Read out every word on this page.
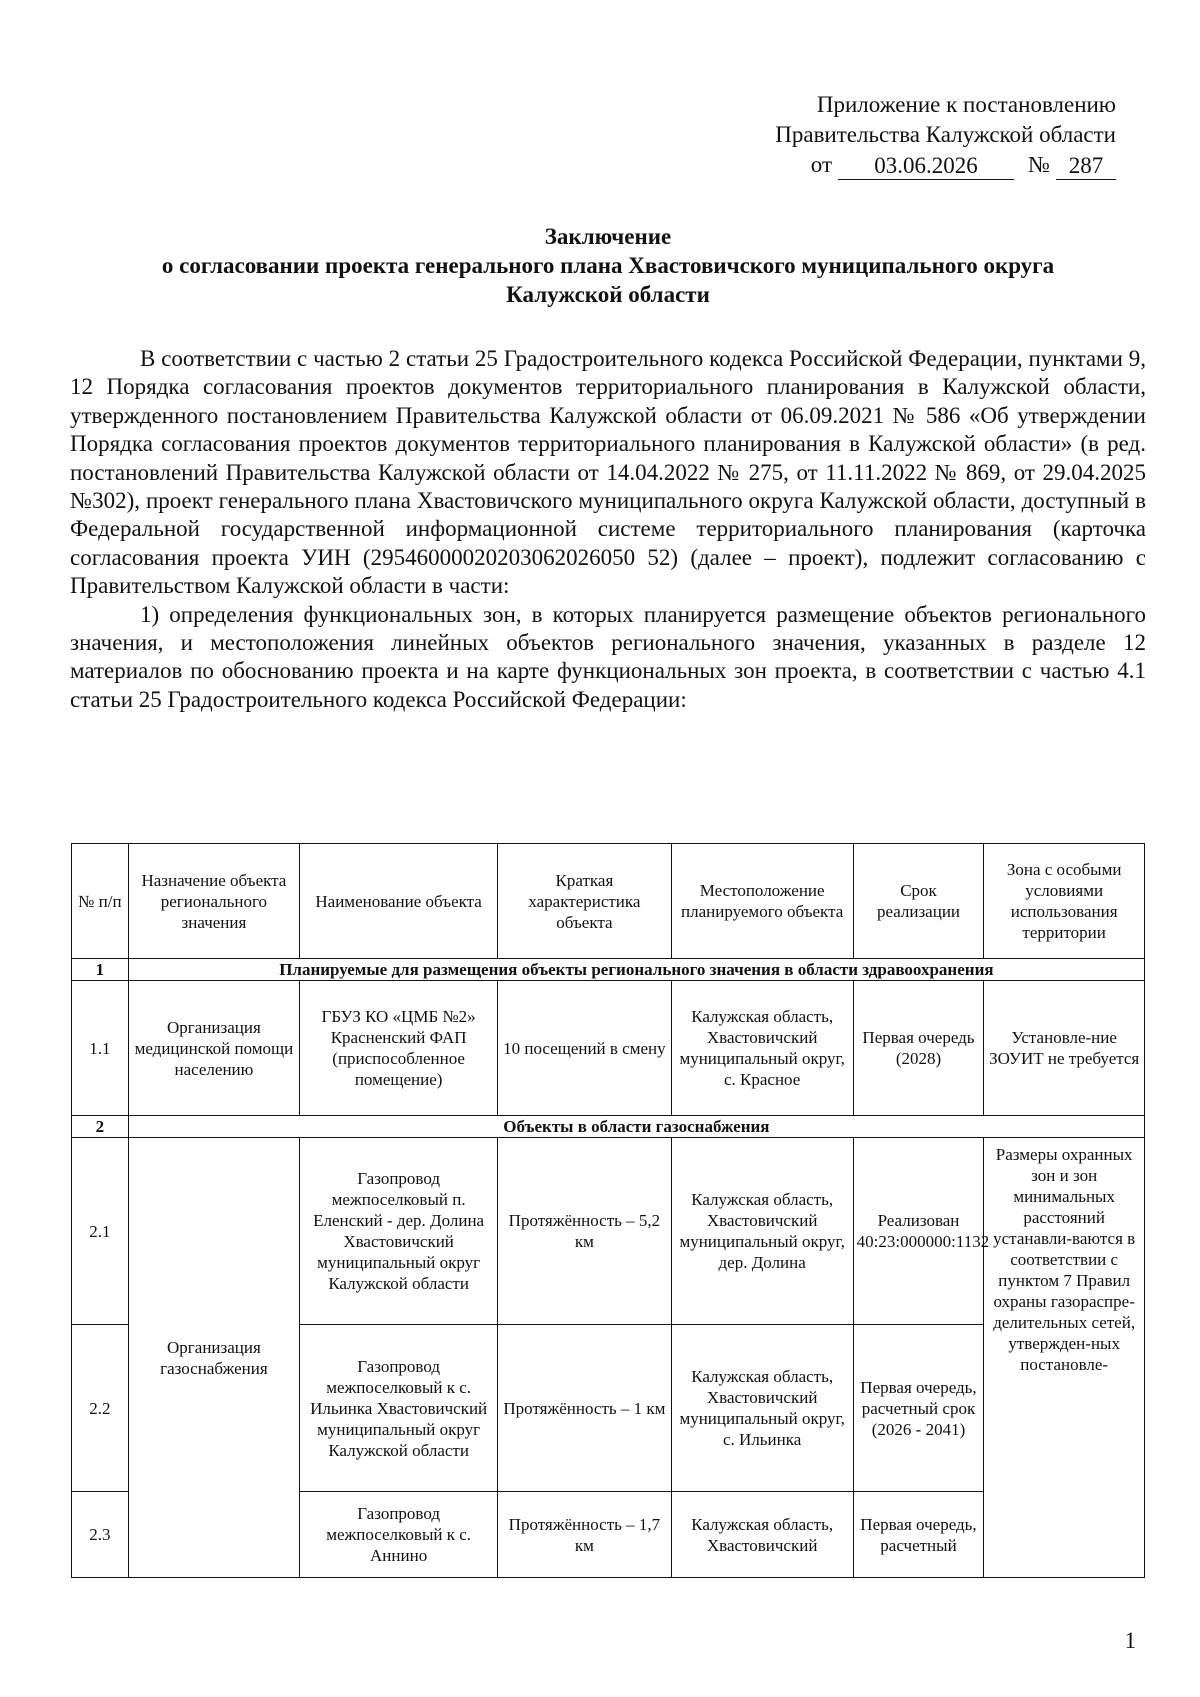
Приложение к постановлению
Правительства Калужской области
от	03.06.2026	№ 287
Заключение
о согласовании проекта генерального плана Хвастовичского муниципального округа
Калужской области

В соответствии с частью 2 статьи 25 Градостроительного кодекса Российской Федерации, пунктами 9, 12 Порядка согласования проектов документов территориального планирования в Калужской области, утвержденного постановлением Правительства Калужской области от 06.09.2021 № 586 «Об утверждении Порядка согласования проектов документов территориального планирования в Калужской области» (в ред. постановлений Правительства Калужской области от 14.04.2022 № 275, от 11.11.2022 № 869, от 29.04.2025 №302), проект генерального плана Хвастовичского муниципального округа Калужской области, доступный в Федеральной государственной информационной системе территориального планирования (карточка согласования проекта УИН (29546000020203062026050 52) (далее – проект), подлежит согласованию с Правительством Калужской области в части:

1) определения функциональных зон, в которых планируется размещение объектов регионального значения, и местоположения линейных объектов регионального значения, указанных в разделе 12 материалов по обоснованию проекта и на карте функциональных зон проекта, в соответствии с частью 4.1 статьи 25 Градостроительного кодекса Российской Федерации:

№ п/п	Назначение объекта регионального значения	Наименование объекта	Краткая характеристика объекта	Местоположение планируемого объекта	Срок реализации	Зона с особыми условиями использования территории
1	Планируемые для размещения объекты регионального значения в области здравоохранения					
1.1	Организация медицинской помощи населению	ГБУЗ КО «ЦМБ №2» Красненский ФАП (приспособленное помещение)	10 посещений в смену	Калужская область, Хвастовичский муниципальный округ, с. Красное	Первая очередь (2028)	Установле-ние ЗОУИТ не требуется
2	Объекты в области газоснабжения					
2.1	Организация газоснабжения	Газопровод межпоселковый п. Еленский - дер. Долина Хвастовичский муниципальный округ Калужской области	Протяжённость – 5,2 км	Калужская область, Хвастовичский муниципальный округ, дер. Долина	Реализован 40:23:000000:1132	Размеры охранных зон и зон минимальных расстояний устанавли-ваются в соответствии с пунктом 7 Правил охраны газораспре-делительных сетей, утвержден-ных постановле-
2.2		Газопровод межпоселковый к с. Ильинка Хвастовичский муниципальный округ Калужской области	Протяжённость – 1 км	Калужская область, Хвастовичский муниципальный округ, с. Ильинка	Первая очередь, расчетный срок (2026 - 2041)	
2.3		Газопровод межпоселковый к с. Аннино	Протяжённость – 1,7 км	Калужская область, Хвастовичский	Первая очередь, расчетный	
1
